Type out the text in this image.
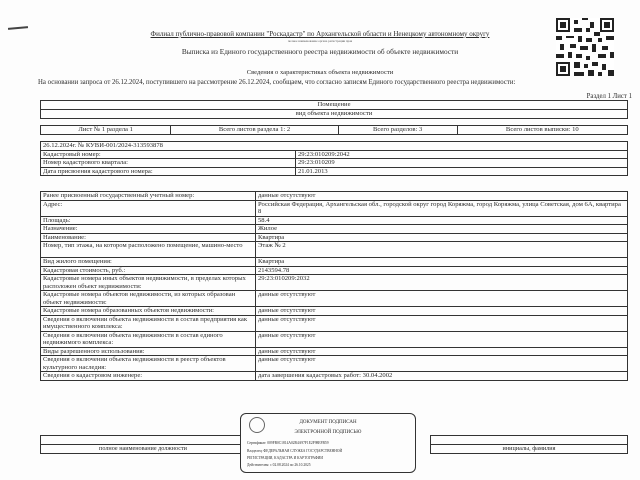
Филиал публично-правовой компании "Роскадастр" по Архангельской области и Ненецкому автономному округу
полное наименование органа регистрации прав
Выписка из Единого государственного реестра недвижимости об объекте недвижимости
Сведения о характеристиках объекта недвижимости
На основании запроса от 26.12.2024, поступившего на рассмотрение 26.12.2024, сообщаем, что согласно записям Единого государственного реестра недвижимости:
Раздел 1 Лист 1
Помещение
вид объекта недвижимости
Лист № 1 раздела 1	Всего листов раздела 1: 2	Всего разделов: 3	Всего листов выписки: 10
26.12.2024г. № КУВИ-001/2024-313593878	
Кадастровый номер:	29:23:010209:2042
Номер кадастрового квартала:	29:23:010209
Дата присвоения кадастрового номера:	21.01.2013
Ранее присвоенный государственный учетный номер:	данные отсутствуют
Адрес:	Российская Федерация, Архангельская обл., городской округ город Коряжма, город Коряжма, улица Советская, дом 6А, квартира 8
Площадь:	58.4
Назначение:	Жилое
Наименование:	Квартира
Номер, тип этажа, на котором расположено помещение, машино-место	Этаж № 2
Вид жилого помещения:	Квартира
Кадастровая стоимость, руб.:	2143594.78
Кадастровые номера иных объектов недвижимости, в пределах которых расположен объект недвижимости:	29:23:010209:2032
Кадастровые номера объектов недвижимости, из которых образован объект недвижимости:	данные отсутствуют
Кадастровые номера образованных объектов недвижимости:	данные отсутствуют
Сведения о включении объекта недвижимости в состав предприятия как имущественного комплекса:	данные отсутствуют
Сведения о включении объекта недвижимости в состав единого недвижимого комплекса:	данные отсутствуют
Виды разрешенного использования:	данные отсутствуют
Сведения о включении объекта недвижимости в реестр объектов культурного наследия:	данные отсутствуют
Сведения о кадастровом инженере:	дата завершения кадастровых работ: 30.04.2002

полное наименование должности		инициалы, фамилия
ДОКУМЕНТ ПОДПИСАН
ЭЛЕКТРОННОЙ ПОДПИСЬЮ
Сертификат: 009FB0C1814A02B4A97F1E2F98EFB59
Владелец: ФЕДЕРАЛЬНАЯ СЛУЖБА ГОСУДАРСТВЕННОЙ
РЕГИСТРАЦИИ, КАДАСТРА И КАРТОГРАФИИ
Действителен: с 02.08.2024 по 26.10.2025
